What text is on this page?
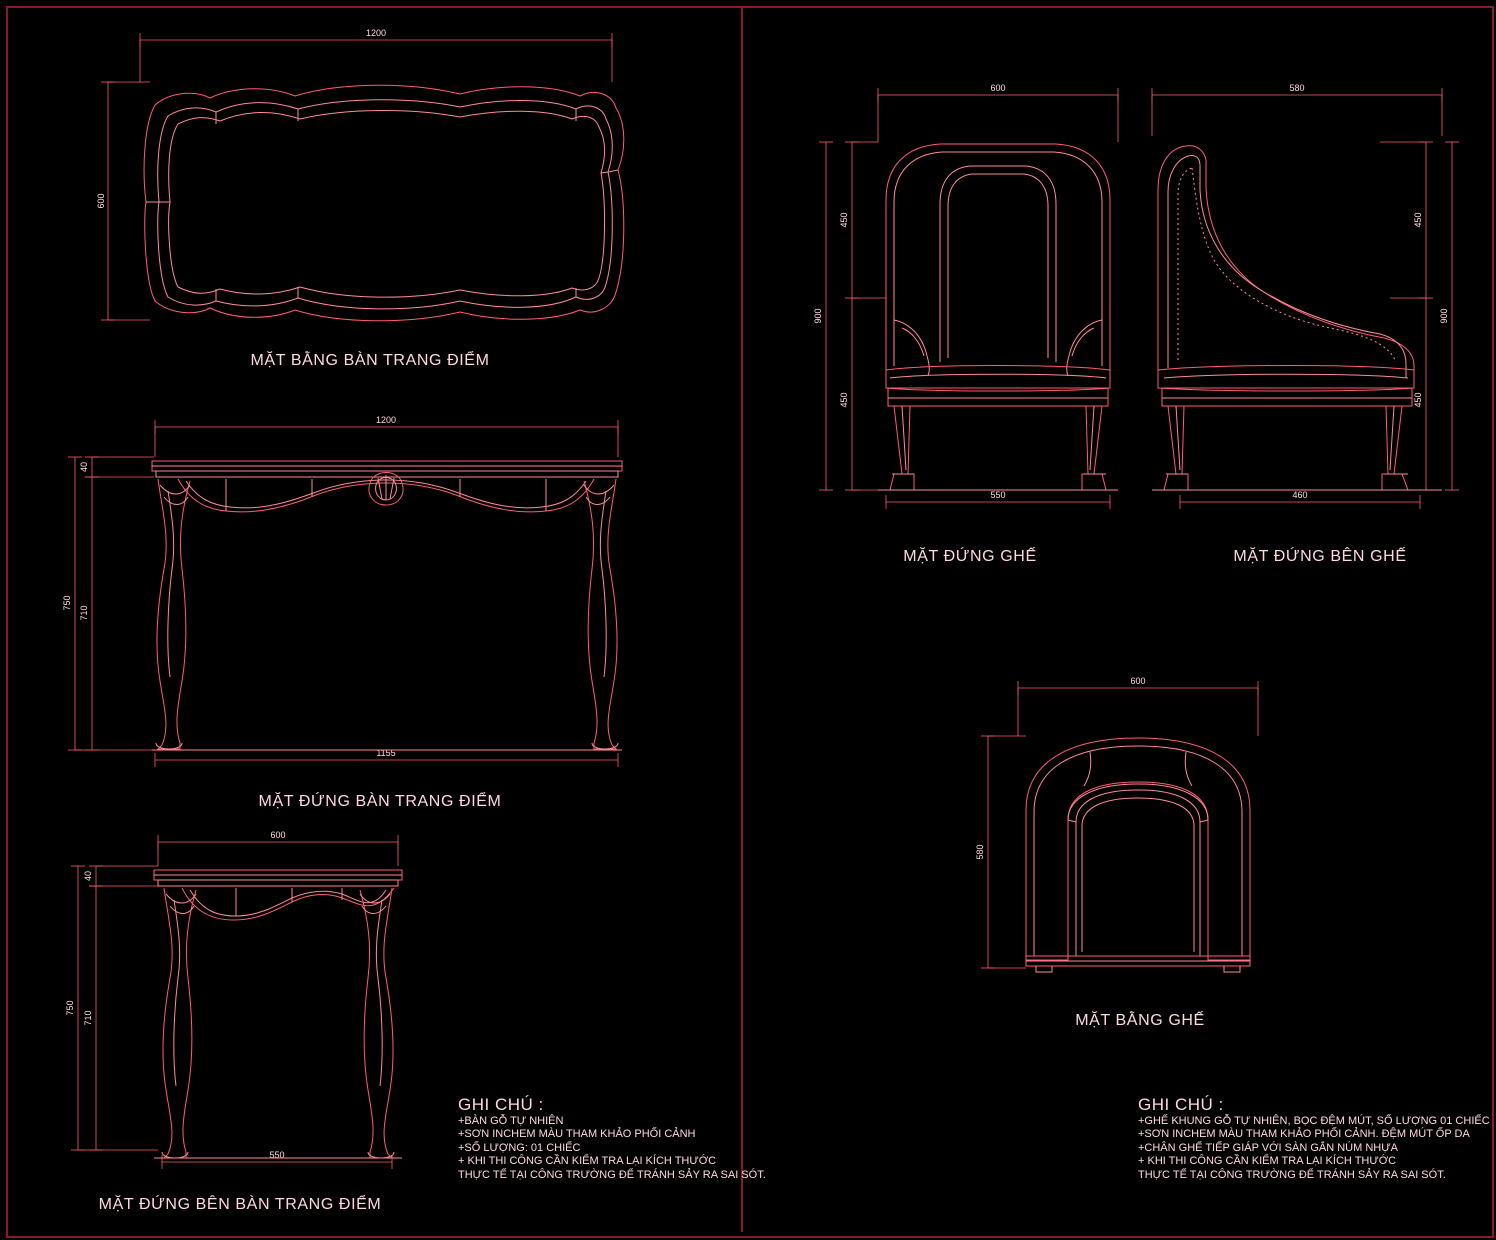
1200
600
MẶT BẰNG BÀN TRANG ĐIỂM
1200
40
750
710
1155
MẶT ĐỨNG BÀN TRANG ĐIỂM
600
40
750
710
550
MẶT ĐỨNG BÊN BÀN TRANG ĐIỂM
GHI CHÚ :
+BÀN GỖ TỰ NHIÊN
+SƠN INCHEM MÀU THAM KHẢO PHỐI CẢNH
+SỐ LƯỢNG: 01 CHIẾC
+ KHI THI CÔNG CẦN KIỂM TRA LẠI KÍCH THƯỚC
THỰC TẾ TẠI CÔNG TRƯỜNG ĐỂ TRÁNH SẢY RA SAI SÓT.
600
450
450
900
550
MẶT ĐỨNG GHẾ
580
450
450
900
460
MẶT ĐỨNG BÊN GHẾ
600
580
MẶT BẰNG GHẾ
GHI CHÚ :
+GHẾ KHUNG GỖ TỰ NHIÊN, BỌC ĐỆM MÚT, SỐ LƯỢNG 01 CHIẾC
+SƠN INCHEM MÀU THAM KHẢO PHỐI CẢNH. ĐỆM MÚT ỐP DA
+CHÂN GHẾ TIẾP GIÁP VỚI SÀN GẮN NÚM NHỰA
+ KHI THI CÔNG CẦN KIỂM TRA LẠI KÍCH THƯỚC
THỰC TẾ TẠI CÔNG TRƯỜNG ĐỂ TRÁNH SẢY RA SAI SÓT.
